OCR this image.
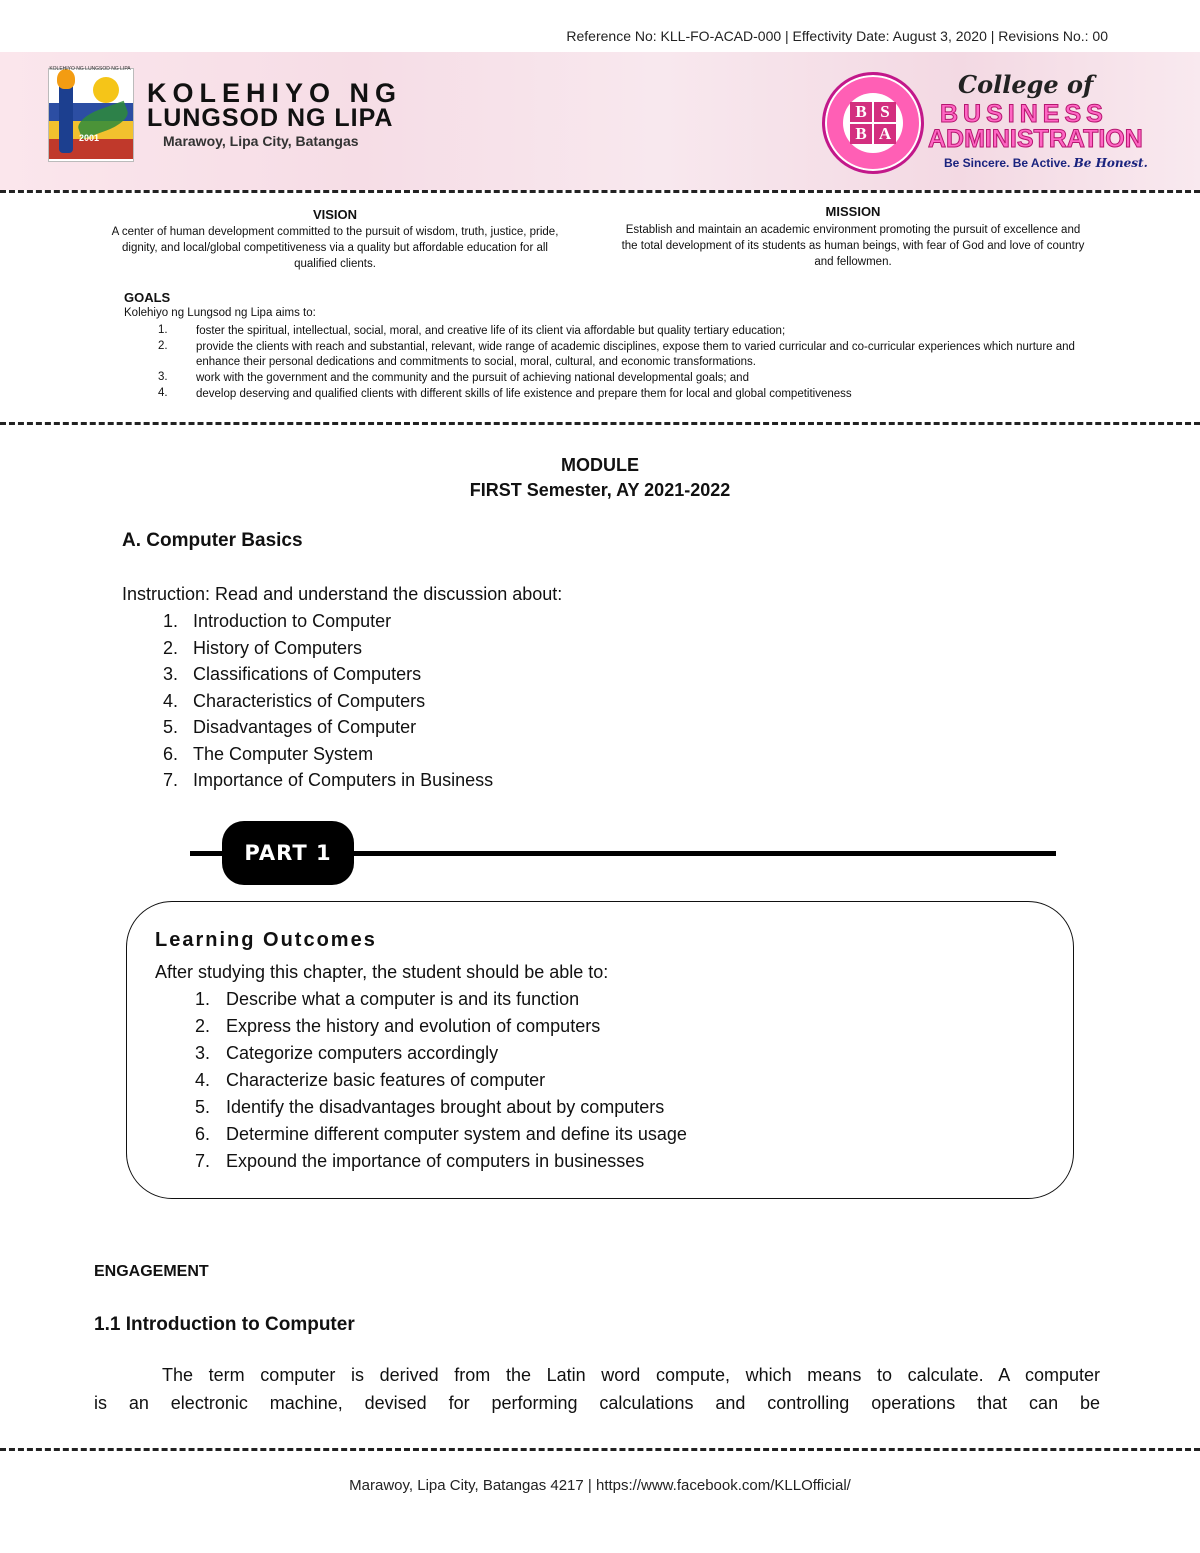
Reference No: KLL-FO-ACAD-000 | Effectivity Date: August 3, 2020 | Revisions No.: 00
2001
KOLEHIYO NG LUNGSOD NG LIPA
KOLEHIYO NG
LUNGSOD NG LIPA
Marawoy, Lipa City, Batangas
B S
B A
College of
BUSINESS
ADMINISTRATION
Be Sincere. Be Active. Be Honest.
VISION
A center of human development committed to the pursuit of wisdom, truth, justice, pride, dignity, and local/global competitiveness via a quality but affordable education for all qualified clients.
MISSION
Establish and maintain an academic environment promoting the pursuit of excellence and the total development of its students as human beings, with fear of God and love of country and fellowmen.
GOALS
Kolehiyo ng Lungsod ng Lipa aims to:
1. foster the spiritual, intellectual, social, moral, and creative life of its client via affordable but quality tertiary education;
2. provide the clients with reach and substantial, relevant, wide range of academic disciplines, expose them to varied curricular and co-curricular experiences which nurture and enhance their personal dedications and commitments to social, moral, cultural, and economic transformations.
3. work with the government and the community and the pursuit of achieving national developmental goals; and
4. develop deserving and qualified clients with different skills of life existence and prepare them for local and global competitiveness
MODULE
FIRST Semester, AY 2021-2022
A. Computer Basics
Instruction: Read and understand the discussion about:
1. Introduction to Computer
2. History of Computers
3. Classifications of Computers
4. Characteristics of Computers
5. Disadvantages of Computer
6. The Computer System
7. Importance of Computers in Business
PART 1
Learning Outcomes
After studying this chapter, the student should be able to:
1. Describe what a computer is and its function
2. Express the history and evolution of computers
3. Categorize computers accordingly
4. Characterize basic features of computer
5. Identify the disadvantages brought about by computers
6. Determine different computer system and define its usage
7. Expound the importance of computers in businesses
ENGAGEMENT
1.1 Introduction to Computer
The term computer is derived from the Latin word compute, which means to calculate. A computer
is an electronic machine, devised for performing calculations and controlling operations that can be
Marawoy, Lipa City, Batangas 4217 | https://www.facebook.com/KLLOfficial/
